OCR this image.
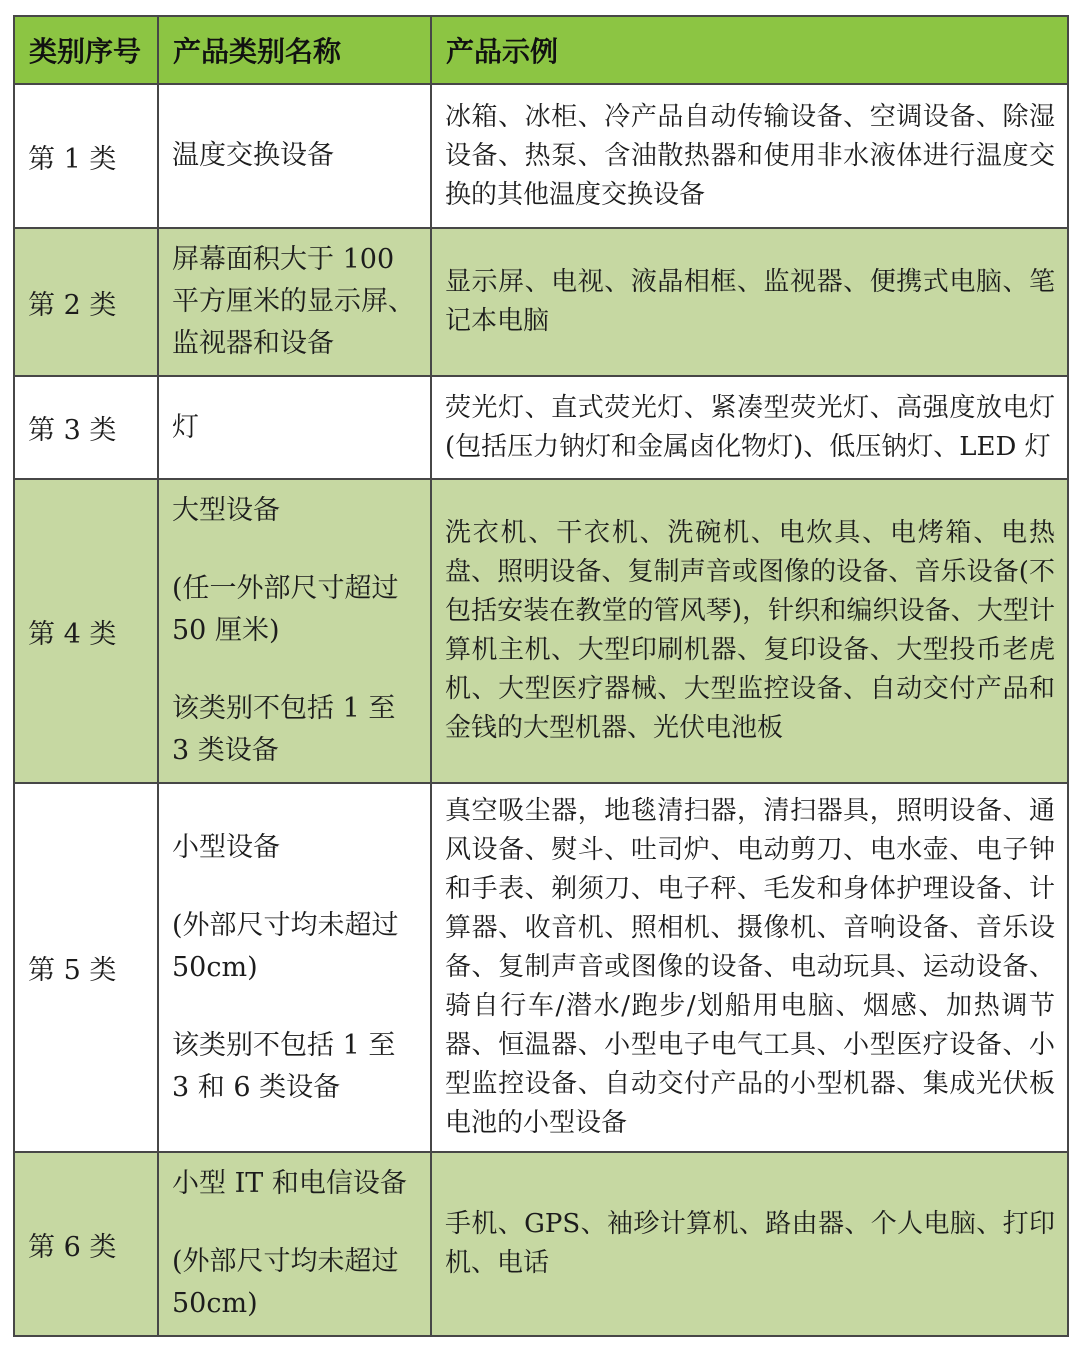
类别序号	产品类别名称	产品示例
第 1 类	温度交换设备	冰箱、冰柜、冷产品自动传输设备、空调设备、除湿设备、热泵、含油散热器和使用非水液体进行温度交换的其他温度交换设备
第 2 类	屏幕面积大于 100 平方厘米的显示屏、监视器和设备	显示屏、电视、液晶相框、监视器、便携式电脑、笔记本电脑
第 3 类	灯	荧光灯、直式荧光灯、紧凑型荧光灯、高强度放电灯(包括压力钠灯和金属卤化物灯)、低压钠灯、LED 灯
第 4 类	大型设备

(任一外部尺寸超过 50 厘米)

该类别不包括 1 至 3 类设备	洗衣机、干衣机、洗碗机、电炊具、电烤箱、电热盘、照明设备、复制声音或图像的设备、音乐设备(不包括安装在教堂的管风琴)，针织和编织设备、大型计算机主机、大型印刷机器、复印设备、大型投币老虎机、大型医疗器械、大型监控设备、自动交付产品和金钱的大型机器、光伏电池板
第 5 类	小型设备

(外部尺寸均未超过 50cm)

该类别不包括 1 至 3 和 6 类设备	真空吸尘器，地毯清扫器，清扫器具，照明设备、通风设备、熨斗、吐司炉、电动剪刀、电水壶、电子钟和手表、剃须刀、电子秤、毛发和身体护理设备、计算器、收音机、照相机、摄像机、音响设备、音乐设备、复制声音或图像的设备、电动玩具、运动设备、骑自行车/潜水/跑步/划船用电脑、烟感、加热调节器、恒温器、小型电子电气工具、小型医疗设备、小型监控设备、自动交付产品的小型机器、集成光伏板电池的小型设备
第 6 类	小型 IT 和电信设备

(外部尺寸均未超过 50cm)	手机、GPS、袖珍计算机、路由器、个人电脑、打印机、电话
